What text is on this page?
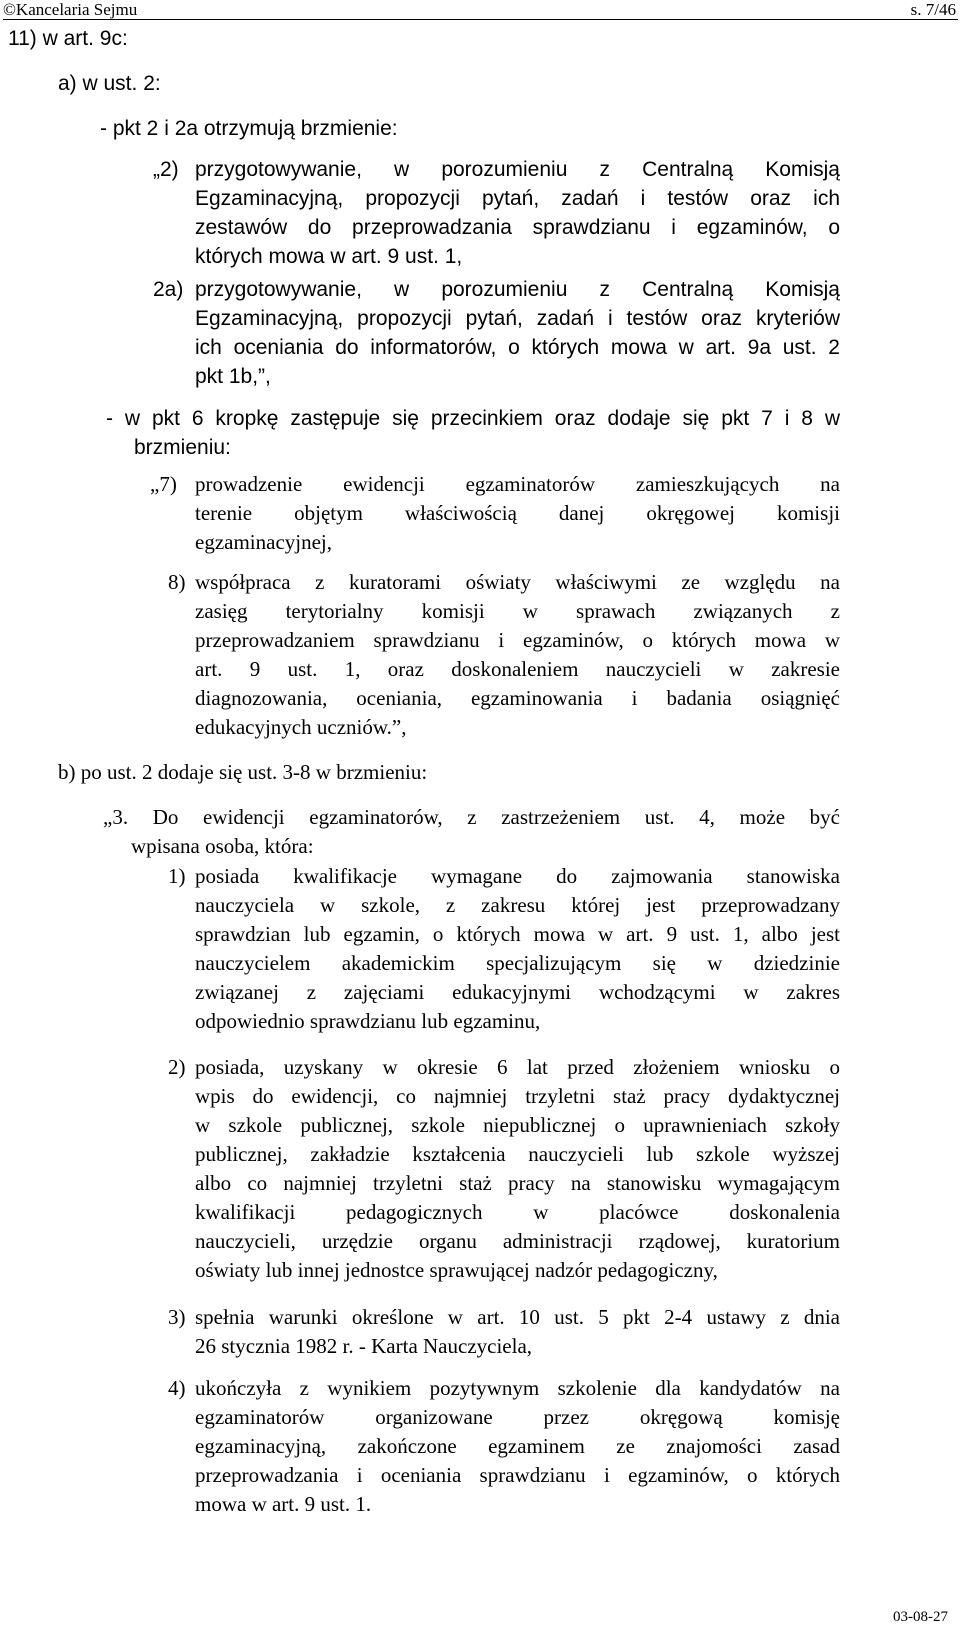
©Kancelaria Sejmu	s. 7/46
11) w art. 9c:
a) w ust. 2:
- pkt 2 i 2a otrzymują brzmienie:
„2) przygotowywanie, w porozumieniu z Centralną Komisją
Egzaminacyjną, propozycji pytań, zadań i testów oraz ich
zestawów do przeprowadzania sprawdzianu i egzaminów, o
których mowa w art. 9 ust. 1,
2a) przygotowywanie, w porozumieniu z Centralną Komisją
Egzaminacyjną, propozycji pytań, zadań i testów oraz kryteriów
ich oceniania do informatorów, o których mowa w art. 9a ust. 2
pkt 1b,”,
- w pkt 6 kropkę zastępuje się przecinkiem oraz dodaje się pkt 7 i 8 w
brzmieniu:
„7) prowadzenie ewidencji egzaminatorów zamieszkujących na
terenie objętym właściwością danej okręgowej komisji
egzaminacyjnej,
8) współpraca z kuratorami oświaty właściwymi ze względu na
zasięg terytorialny komisji w sprawach związanych z
przeprowadzaniem sprawdzianu i egzaminów, o których mowa w
art. 9 ust. 1, oraz doskonaleniem nauczycieli w zakresie
diagnozowania, oceniania, egzaminowania i badania osiągnięć
edukacyjnych uczniów.”,
b) po ust. 2 dodaje się ust. 3-8 w brzmieniu:
„3. Do ewidencji egzaminatorów, z zastrzeżeniem ust. 4, może być
wpisana osoba, która:
1) posiada kwalifikacje wymagane do zajmowania stanowiska
nauczyciela w szkole, z zakresu której jest przeprowadzany
sprawdzian lub egzamin, o których mowa w art. 9 ust. 1, albo jest
nauczycielem akademickim specjalizującym się w dziedzinie
związanej z zajęciami edukacyjnymi wchodzącymi w zakres
odpowiednio sprawdzianu lub egzaminu,
2) posiada, uzyskany w okresie 6 lat przed złożeniem wniosku o
wpis do ewidencji, co najmniej trzyletni staż pracy dydaktycznej
w szkole publicznej, szkole niepublicznej o uprawnieniach szkoły
publicznej, zakładzie kształcenia nauczycieli lub szkole wyższej
albo co najmniej trzyletni staż pracy na stanowisku wymagającym
kwalifikacji pedagogicznych w placówce doskonalenia
nauczycieli, urzędzie organu administracji rządowej, kuratorium
oświaty lub innej jednostce sprawującej nadzór pedagogiczny,
3) spełnia warunki określone w art. 10 ust. 5 pkt 2-4 ustawy z dnia
26 stycznia 1982 r. - Karta Nauczyciela,
4) ukończyła z wynikiem pozytywnym szkolenie dla kandydatów na
egzaminatorów organizowane przez okręgową komisję
egzaminacyjną, zakończone egzaminem ze znajomości zasad
przeprowadzania i oceniania sprawdzianu i egzaminów, o których
mowa w art. 9 ust. 1.
03-08-27
